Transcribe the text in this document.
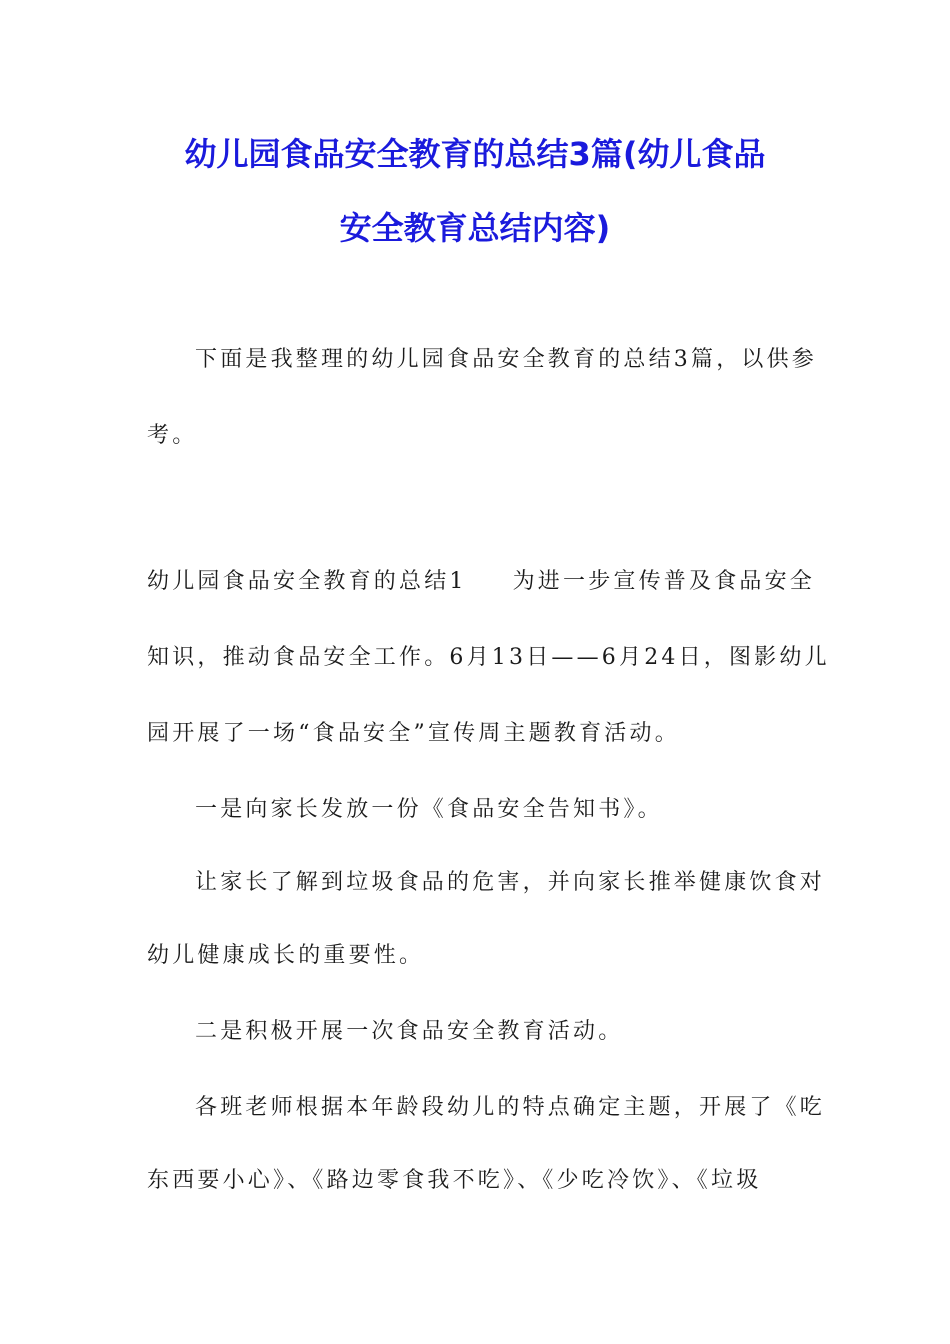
幼儿园食品安全教育的总结3篇(幼儿食品
安全教育总结内容)
下面是我整理的幼儿园食品安全教育的总结3篇，以供参
考。
幼儿园食品安全教育的总结1 为进一步宣传普及食品安全
知识，推动食品安全工作。6月13日——6月24日，图影幼儿
园开展了一场“食品安全”宣传周主题教育活动。
一是向家长发放一份《食品安全告知书》。
让家长了解到垃圾食品的危害，并向家长推举健康饮食对
幼儿健康成长的重要性。
二是积极开展一次食品安全教育活动。
各班老师根据本年龄段幼儿的特点确定主题，开展了《吃
东西要小心》、《路边零食我不吃》、《少吃冷饮》、《垃圾
